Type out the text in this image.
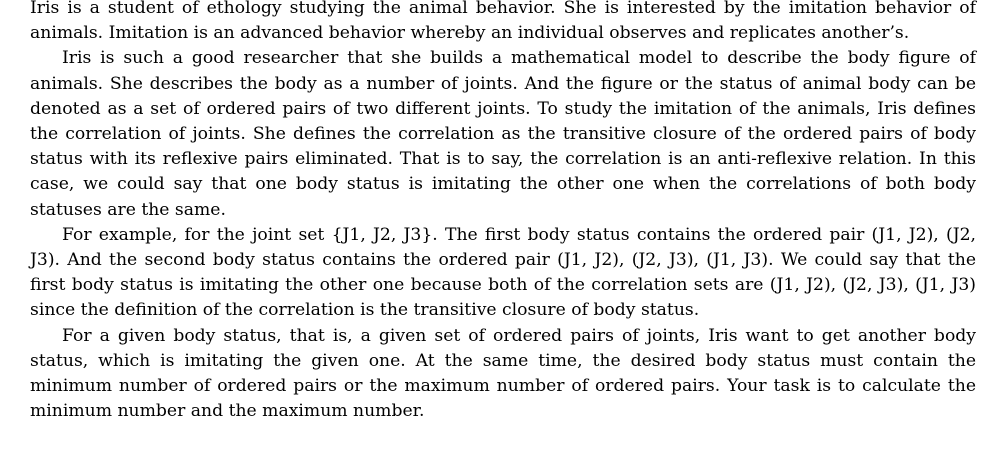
Iris is a student of ethology studying the animal behavior. She is interested by the imitation behavior of animals. Imitation is an advanced behavior whereby an individual observes and replicates another’s.

Iris is such a good researcher that she builds a mathematical model to describe the body figure of animals. She describes the body as a number of joints. And the figure or the status of animal body can be denoted as a set of ordered pairs of two different joints. To study the imitation of the animals, Iris defines the correlation of joints. She defines the correlation as the transitive closure of the ordered pairs of body status with its reflexive pairs eliminated. That is to say, the correlation is an anti-reflexive relation. In this case, we could say that one body status is imitating the other one when the correlations of both body statuses are the same.

For example, for the joint set {J1, J2, J3}. The first body status contains the ordered pair (J1, J2), (J2, J3). And the second body status contains the ordered pair (J1, J2), (J2, J3), (J1, J3). We could say that the first body status is imitating the other one because both of the correlation sets are (J1, J2), (J2, J3), (J1, J3) since the definition of the correlation is the transitive closure of body status.

For a given body status, that is, a given set of ordered pairs of joints, Iris want to get another body status, which is imitating the given one. At the same time, the desired body status must contain the minimum number of ordered pairs or the maximum number of ordered pairs. Your task is to calculate the minimum number and the maximum number.
